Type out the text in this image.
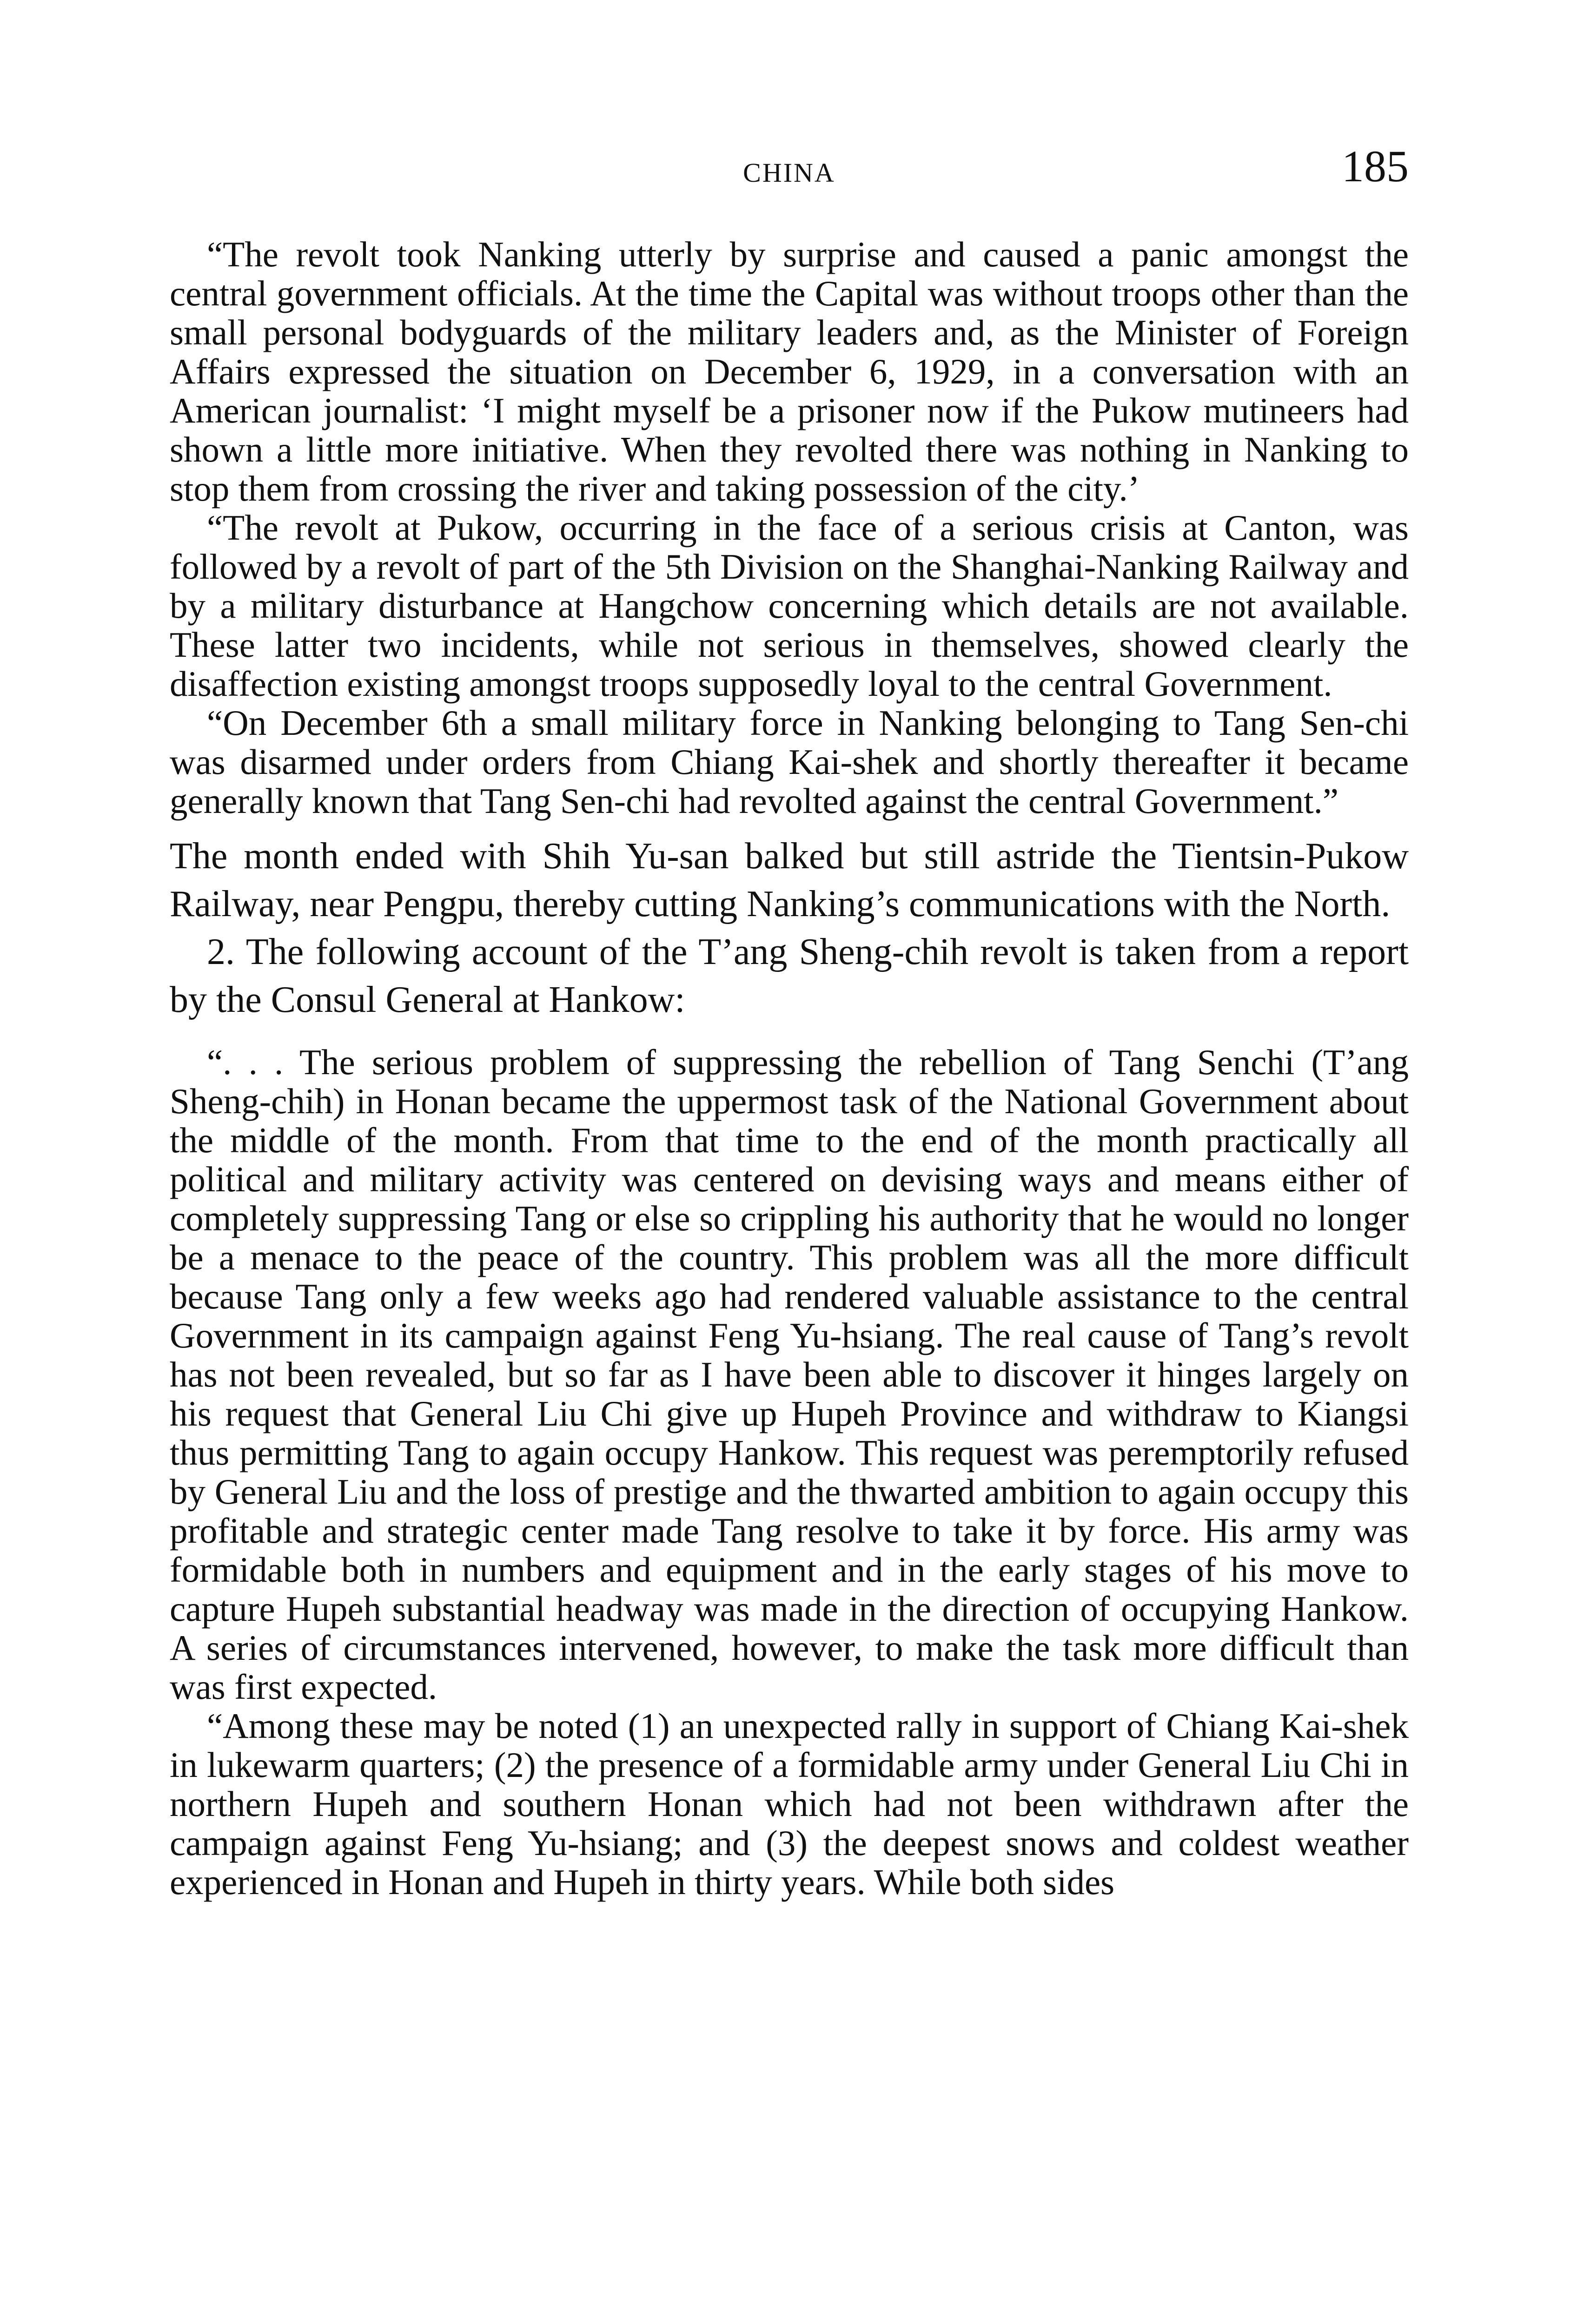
CHINA	185

“The revolt took Nanking utterly by surprise and caused a panic amongst the central government officials. At the time the Capital was without troops other than the small personal bodyguards of the military leaders and, as the Minister of Foreign Affairs expressed the situation on December 6, 1929, in a conversation with an American journalist: ‘I might myself be a prisoner now if the Pukow mutineers had shown a little more initiative. When they revolted there was nothing in Nanking to stop them from crossing the river and taking possession of the city.’

“The revolt at Pukow, occurring in the face of a serious crisis at Canton, was followed by a revolt of part of the 5th Division on the Shanghai-Nanking Railway and by a military disturbance at Hangchow concerning which details are not available. These latter two incidents, while not serious in themselves, showed clearly the disaffection existing amongst troops supposedly loyal to the central Government.

“On December 6th a small military force in Nanking belonging to Tang Sen-chi was disarmed under orders from Chiang Kai-shek and shortly thereafter it became generally known that Tang Sen-chi had revolted against the central Government.”

The month ended with Shih Yu-san balked but still astride the Tientsin-Pukow Railway, near Pengpu, thereby cutting Nanking’s communications with the North.

2. The following account of the T’ang Sheng-chih revolt is taken from a report by the Consul General at Hankow:

“. . . The serious problem of suppressing the rebellion of Tang Senchi (T’ang Sheng-chih) in Honan became the uppermost task of the National Government about the middle of the month. From that time to the end of the month practically all political and military activity was centered on devising ways and means either of completely suppressing Tang or else so crippling his authority that he would no longer be a menace to the peace of the country. This problem was all the more difficult because Tang only a few weeks ago had rendered valuable assistance to the central Government in its campaign against Feng Yu-hsiang. The real cause of Tang’s revolt has not been revealed, but so far as I have been able to discover it hinges largely on his request that General Liu Chi give up Hupeh Province and withdraw to Kiangsi thus permitting Tang to again occupy Hankow. This request was peremptorily refused by General Liu and the loss of prestige and the thwarted ambition to again occupy this profitable and strategic center made Tang resolve to take it by force. His army was formidable both in numbers and equipment and in the early stages of his move to capture Hupeh substantial headway was made in the direction of occupying Hankow. A series of circumstances intervened, however, to make the task more difficult than was first expected.

“Among these may be noted (1) an unexpected rally in support of Chiang Kai-shek in lukewarm quarters; (2) the presence of a formidable army under General Liu Chi in northern Hupeh and southern Honan which had not been withdrawn after the campaign against Feng Yu-hsiang; and (3) the deepest snows and coldest weather experienced in Honan and Hupeh in thirty years. While both sides
